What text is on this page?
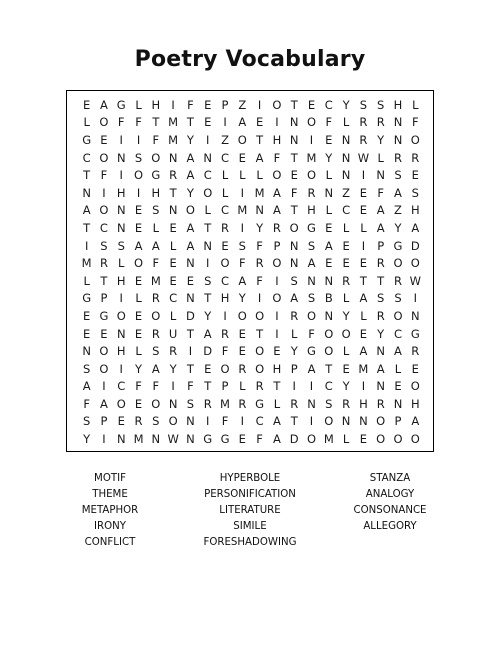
Poetry Vocabulary
E A G L H I	F E P Z	I O T E C Y S S H L
L O F F T M T E	I	A E	I N O F L R R N F
G E	I	I	F M Y	I	Z O T H N I	E N R Y N O
C O N S O N A N C E A F T M Y N W L R R
T F	I O G R A C L L L O E O L N I N S E
N I H I H T Y O L	I M A F R N Z E F A S
A O N E S N O L C M N A T H L C E A Z H
T C N E L E A T R	I	Y R O G E L L A Y A
I	S S A A L A N E S F P N S A E	I	P G D
M R L O F E N I O F R O N A E E E R O O
L T H E M E E S C A F	I	S N N R T T R W
G P	I	L R C N T H Y	I O A S B L A S S	I
E G O E O L D Y	I O O I	R O N Y L R O N
E E N E R U T A R E T	I	L F O O E Y C G
N O H L S R	I D F E O E Y G O L A N A R
S O I	Y A Y T E O R O H P A T E M A L E
A	I	C F F	I	F T P L R T	I	I	C Y	I N E O
F A O E O N S R M R G L R N S R H R N H
S P E R S O N I	F	I	C A T	I O N N O P A
Y	I N M N W N G G E F A D O M L E O O O
MOTIF	HYPERBOLE	STANZA
THEME	PERSONIFICATION	ANALOGY
METAPHOR	LITERATURE	CONSONANCE
IRONY	SIMILE	ALLEGORY
CONFLICT	FORESHADOWING
